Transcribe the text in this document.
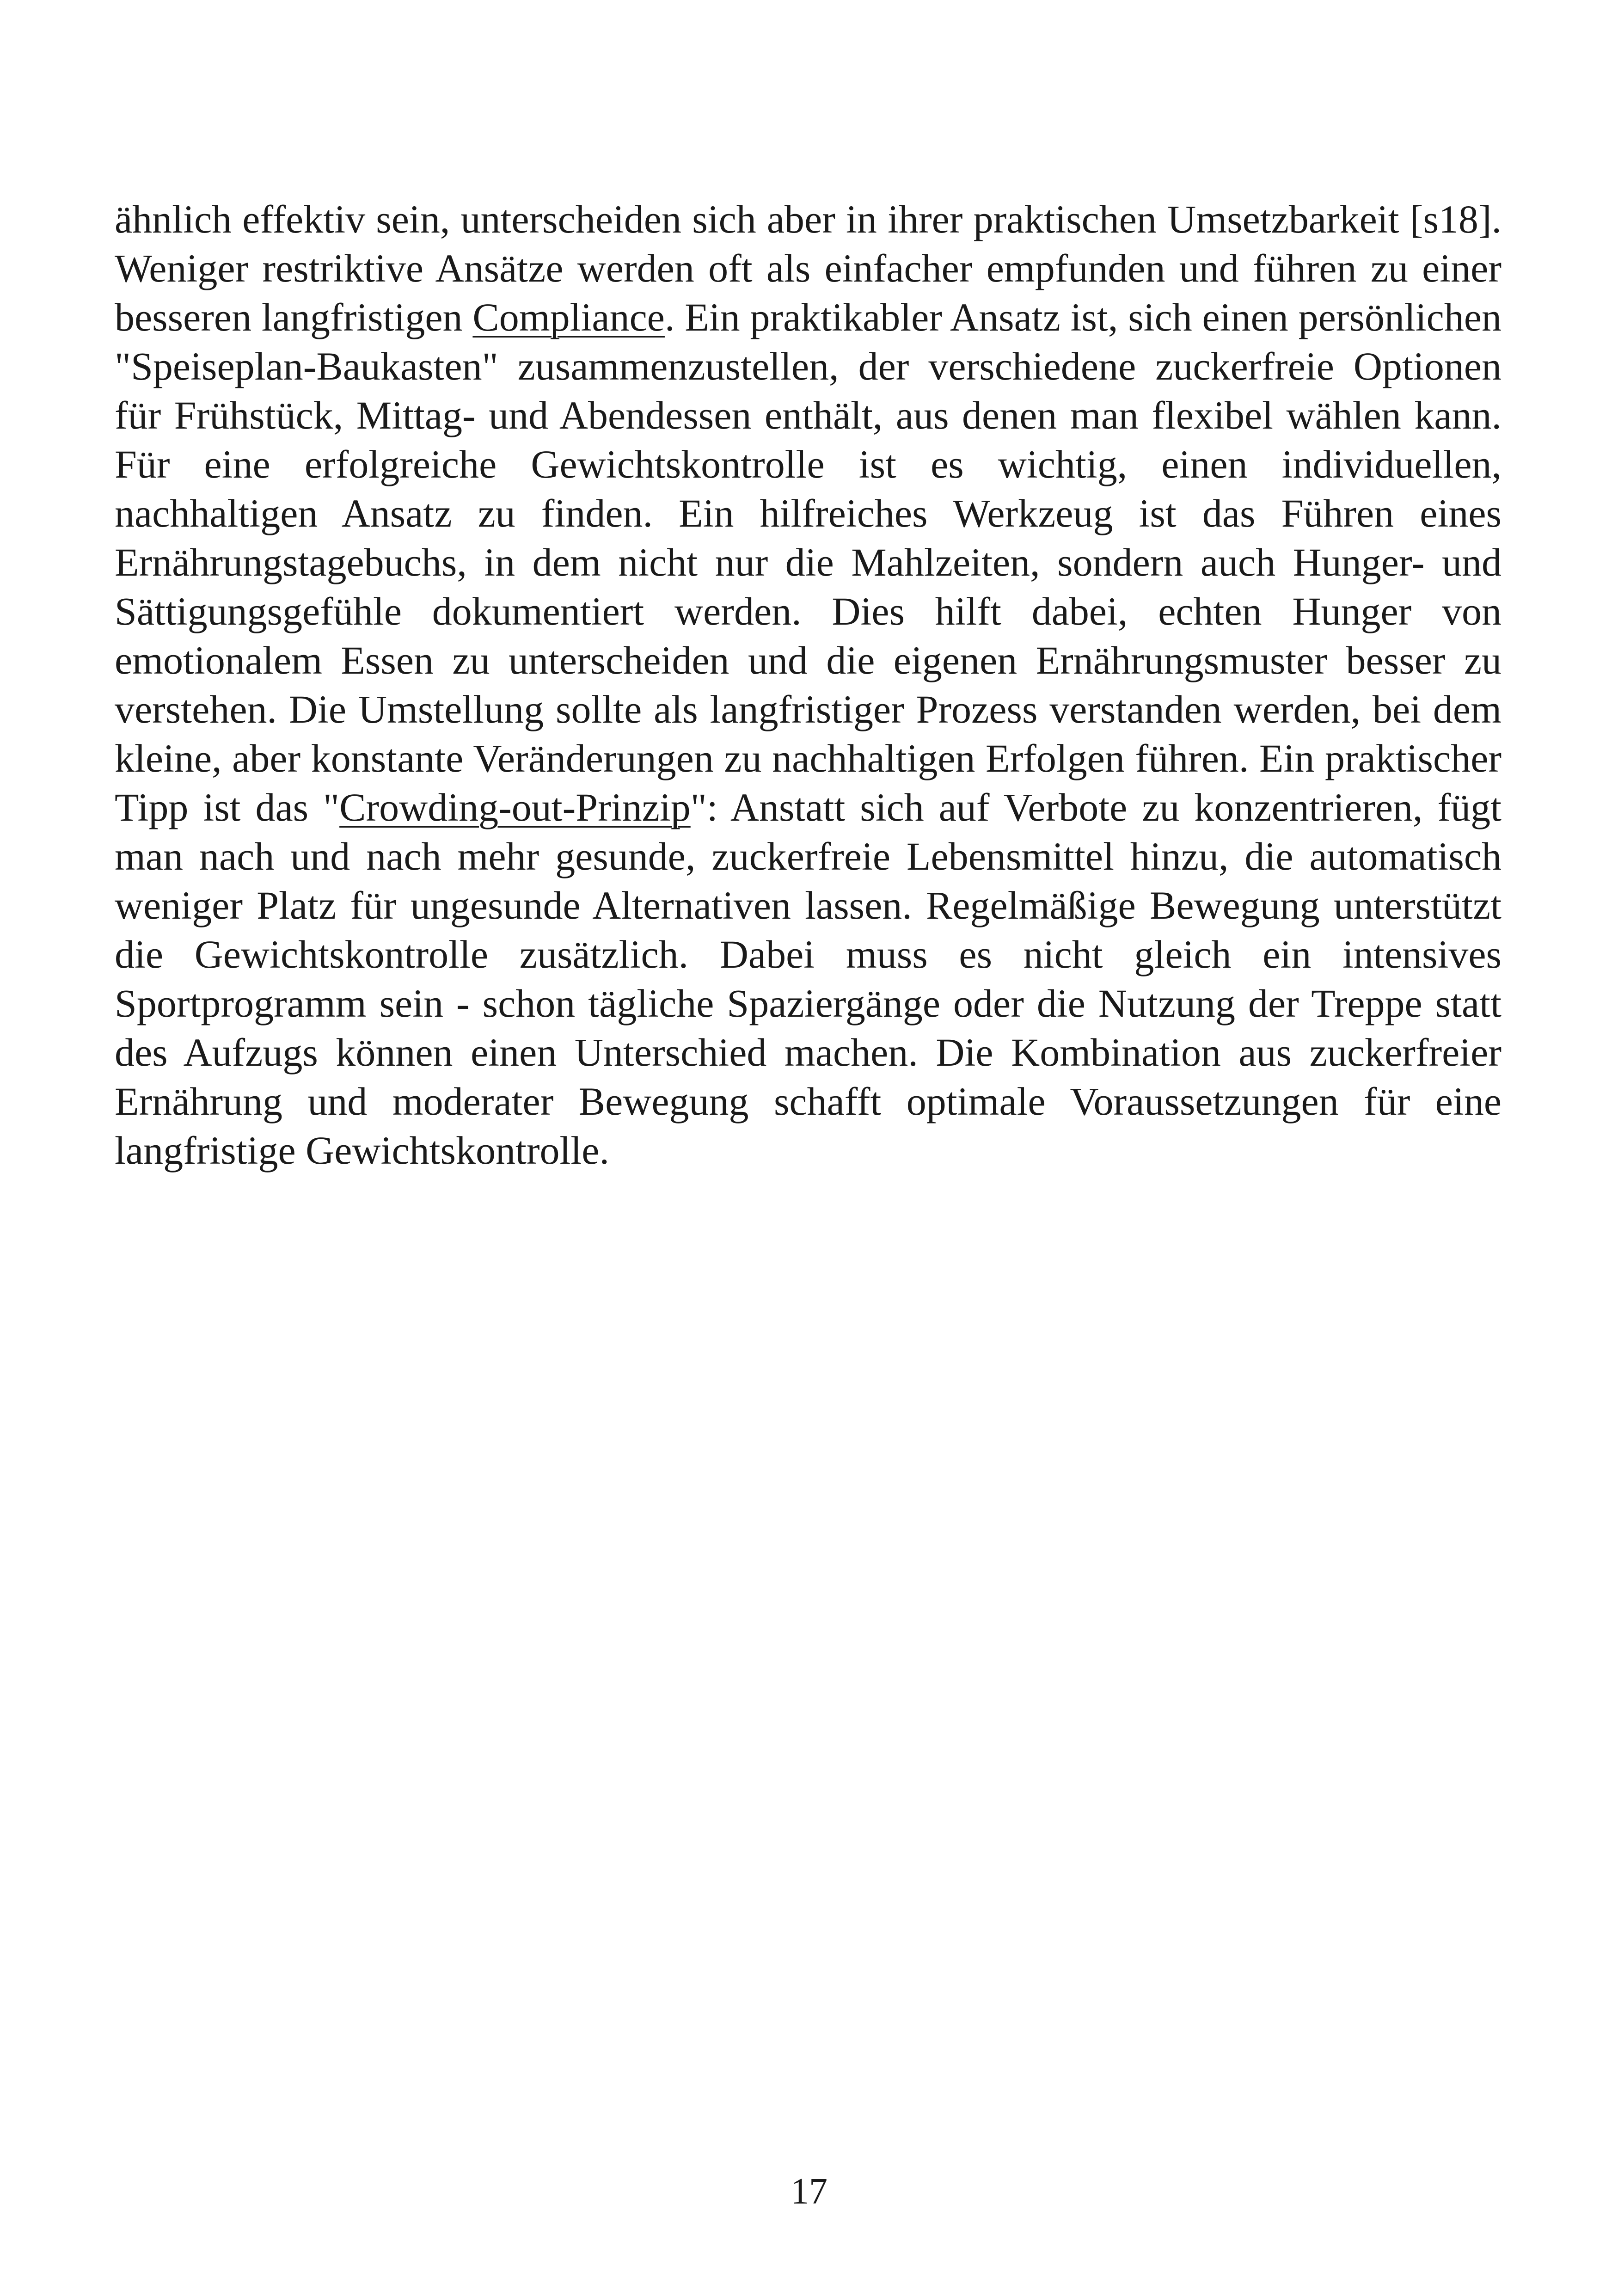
ähnlich effektiv sein, unterscheiden sich aber in ihrer praktischen Umsetzbarkeit [s18]. Weniger restriktive Ansätze werden oft als einfacher empfunden und führen zu einer besseren langfristigen Compliance. Ein praktikabler Ansatz ist, sich einen persönlichen "Speiseplan-Baukasten" zusammenzustellen, der verschiedene zuckerfreie Optionen für Frühstück, Mittag- und Abendessen enthält, aus denen man flexibel wählen kann. Für eine erfolgreiche Gewichtskontrolle ist es wichtig, einen individuellen, nachhaltigen Ansatz zu finden. Ein hilfreiches Werkzeug ist das Führen eines Ernährungstagebuchs, in dem nicht nur die Mahlzeiten, sondern auch Hunger- und Sättigungsgefühle dokumentiert werden. Dies hilft dabei, echten Hunger von emotionalem Essen zu unterscheiden und die eigenen Ernährungsmuster besser zu verstehen. Die Umstellung sollte als langfristiger Prozess verstanden werden, bei dem kleine, aber konstante Veränderungen zu nachhaltigen Erfolgen führen. Ein praktischer Tipp ist das "Crowding-out-Prinzip": Anstatt sich auf Verbote zu konzentrieren, fügt man nach und nach mehr gesunde, zuckerfreie Lebensmittel hinzu, die automatisch weniger Platz für ungesunde Alternativen lassen. Regelmäßige Bewegung unterstützt die Gewichtskontrolle zusätzlich. Dabei muss es nicht gleich ein intensives Sportprogramm sein - schon tägliche Spaziergänge oder die Nutzung der Treppe statt des Aufzugs können einen Unterschied machen. Die Kombination aus zuckerfreier Ernährung und moderater Bewegung schafft optimale Voraussetzungen für eine langfristige Gewichtskontrolle.

17
